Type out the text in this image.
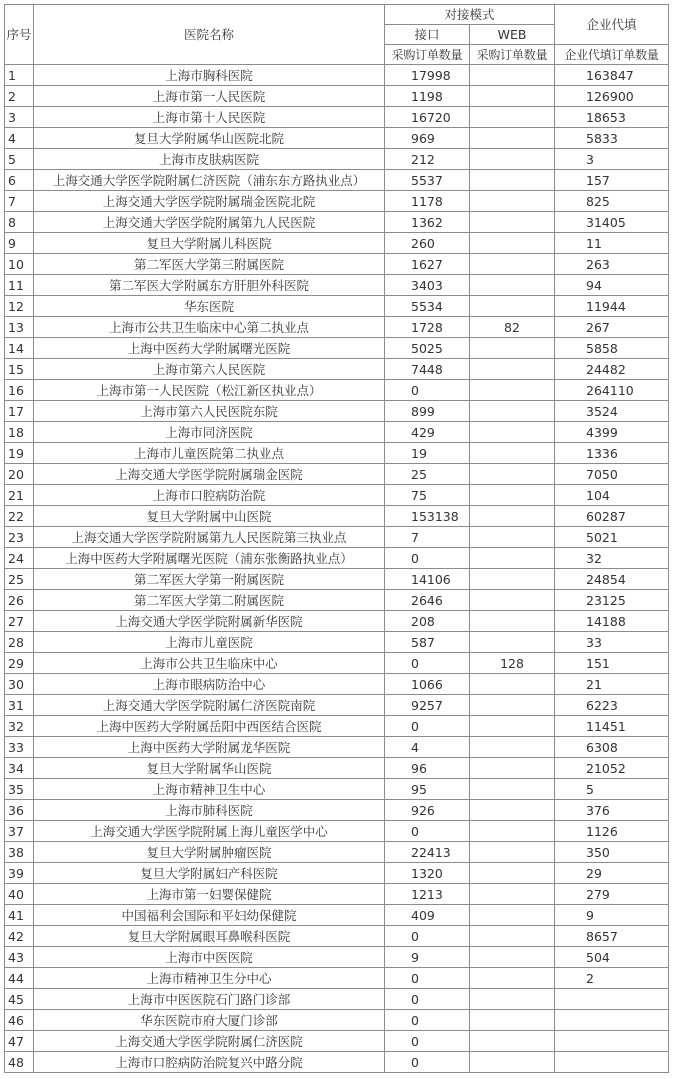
序号	医院名称	对接模式		企业代填
		接口	WEB	
		采购订单数量	采购订单数量	企业代填订单数量
1	上海市胸科医院	17998		163847
2	上海市第一人民医院	1198		126900
3	上海市第十人民医院	16720		18653
4	复旦大学附属华山医院北院	969		5833
5	上海市皮肤病医院	212		3
6	上海交通大学医学院附属仁济医院（浦东东方路执业点）	5537		157
7	上海交通大学医学院附属瑞金医院北院	1178		825
8	上海交通大学医学院附属第九人民医院	1362		31405
9	复旦大学附属儿科医院	260		11
10	第二军医大学第三附属医院	1627		263
11	第二军医大学附属东方肝胆外科医院	3403		94
12	华东医院	5534		11944
13	上海市公共卫生临床中心第二执业点	1728	82	267
14	上海中医药大学附属曙光医院	5025		5858
15	上海市第六人民医院	7448		24482
16	上海市第一人民医院（松江新区执业点）	0		264110
17	上海市第六人民医院东院	899		3524
18	上海市同济医院	429		4399
19	上海市儿童医院第二执业点	19		1336
20	上海交通大学医学院附属瑞金医院	25		7050
21	上海市口腔病防治院	75		104
22	复旦大学附属中山医院	153138		60287
23	上海交通大学医学院附属第九人民医院第三执业点	7		5021
24	上海中医药大学附属曙光医院（浦东张衡路执业点）	0		32
25	第二军医大学第一附属医院	14106		24854
26	第二军医大学第二附属医院	2646		23125
27	上海交通大学医学院附属新华医院	208		14188
28	上海市儿童医院	587		33
29	上海市公共卫生临床中心	0	128	151
30	上海市眼病防治中心	1066		21
31	上海交通大学医学院附属仁济医院南院	9257		6223
32	上海中医药大学附属岳阳中西医结合医院	0		11451
33	上海中医药大学附属龙华医院	4		6308
34	复旦大学附属华山医院	96		21052
35	上海市精神卫生中心	95		5
36	上海市肺科医院	926		376
37	上海交通大学医学院附属上海儿童医学中心	0		1126
38	复旦大学附属肿瘤医院	22413		350
39	复旦大学附属妇产科医院	1320		29
40	上海市第一妇婴保健院	1213		279
41	中国福利会国际和平妇幼保健院	409		9
42	复旦大学附属眼耳鼻喉科医院	0		8657
43	上海市中医医院	9		504
44	上海市精神卫生分中心	0		2
45	上海市中医医院石门路门诊部	0		
46	华东医院市府大厦门诊部	0		
47	上海交通大学医学院附属仁济医院	0		
48	上海市口腔病防治院复兴中路分院	0		
